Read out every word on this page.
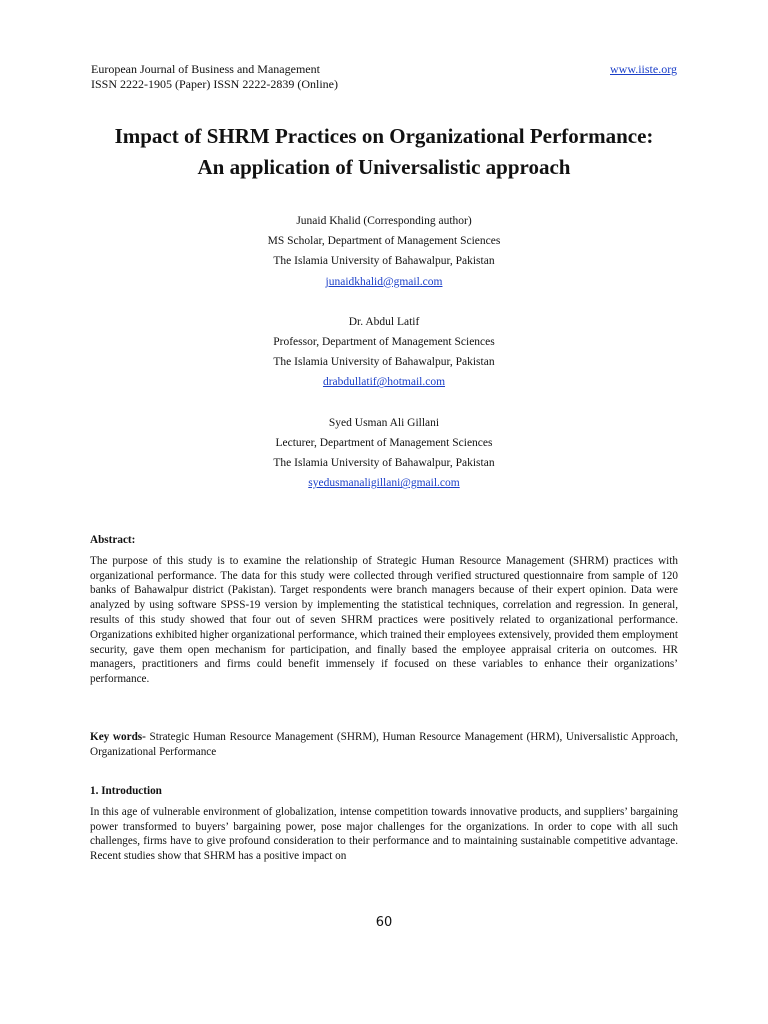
European Journal of Business and Management	www.iiste.org
ISSN 2222-1905 (Paper) ISSN 2222-2839 (Online)
Impact of SHRM Practices on Organizational Performance:
An application of Universalistic approach
Junaid Khalid (Corresponding author)
MS Scholar, Department of Management Sciences
The Islamia University of Bahawalpur, Pakistan
junaidkhalid@gmail.com
Dr. Abdul Latif
Professor, Department of Management Sciences
The Islamia University of Bahawalpur, Pakistan
drabdullatif@hotmail.com
Syed Usman Ali Gillani
Lecturer, Department of Management Sciences
The Islamia University of Bahawalpur, Pakistan
syedusmanaligillani@gmail.com

Abstract:

The purpose of this study is to examine the relationship of Strategic Human Resource Management (SHRM) practices with organizational performance. The data for this study were collected through verified structured questionnaire from sample of 120 banks of Bahawalpur district (Pakistan). Target respondents were branch managers because of their expert opinion. Data were analyzed by using software SPSS-19 version by implementing the statistical techniques, correlation and regression. In general, results of this study showed that four out of seven SHRM practices were positively related to organizational performance. Organizations exhibited higher organizational performance, which trained their employees extensively, provided them employment security, gave them open mechanism for participation, and finally based the employee appraisal criteria on outcomes. HR managers, practitioners and firms could benefit immensely if focused on these variables to enhance their organizations’ performance.

Key words- Strategic Human Resource Management (SHRM), Human Resource Management (HRM), Universalistic Approach, Organizational Performance

1. Introduction

In this age of vulnerable environment of globalization, intense competition towards innovative products, and suppliers’ bargaining power transformed to buyers’ bargaining power, pose major challenges for the organizations. In order to cope with all such challenges, firms have to give profound consideration to their performance and to maintaining sustainable competitive advantage. Recent studies show that SHRM has a positive impact on

60
